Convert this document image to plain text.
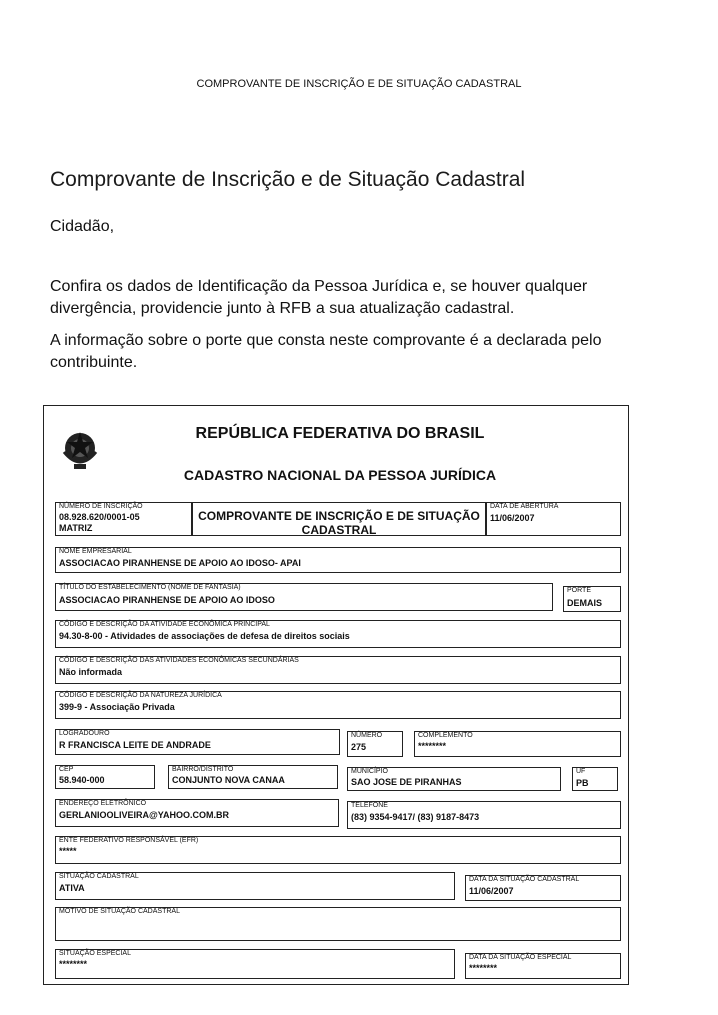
COMPROVANTE DE INSCRIÇÃO E DE SITUAÇÃO CADASTRAL
Comprovante de Inscrição e de Situação Cadastral
Cidadão,
Confira os dados de Identificação da Pessoa Jurídica e, se houver qualquer divergência, providencie junto à RFB a sua atualização cadastral.
A informação sobre o porte que consta neste comprovante é a declarada pelo contribuinte.
REPÚBLICA FEDERATIVA DO BRASIL
CADASTRO NACIONAL DA PESSOA JURÍDICA
NÚMERO DE INSCRIÇÃO
08.928.620/0001-05
MATRIZ
COMPROVANTE DE INSCRIÇÃO E DE SITUAÇÃO CADASTRAL
DATA DE ABERTURA
11/06/2007
NOME EMPRESARIAL
ASSOCIACAO PIRANHENSE DE APOIO AO IDOSO- APAI
TÍTULO DO ESTABELECIMENTO (NOME DE FANTASIA)
ASSOCIACAO PIRANHENSE DE APOIO AO IDOSO
PORTE
DEMAIS
CÓDIGO E DESCRIÇÃO DA ATIVIDADE ECONÔMICA PRINCIPAL
94.30-8-00 - Atividades de associações de defesa de direitos sociais
CÓDIGO E DESCRIÇÃO DAS ATIVIDADES ECONÔMICAS SECUNDÁRIAS
Não informada
CÓDIGO E DESCRIÇÃO DA NATUREZA JURÍDICA
399-9 - Associação Privada
LOGRADOURO
R FRANCISCA LEITE DE ANDRADE
NÚMERO
275
COMPLEMENTO
********
CEP
58.940-000
BAIRRO/DISTRITO
CONJUNTO NOVA CANAA
MUNICÍPIO
SAO JOSE DE PIRANHAS
UF
PB
ENDEREÇO ELETRÔNICO
GERLANIOOLIVEIRA@YAHOO.COM.BR
TELEFONE
(83) 9354-9417/ (83) 9187-8473
ENTE FEDERATIVO RESPONSÁVEL (EFR)
*****
SITUAÇÃO CADASTRAL
ATIVA
DATA DA SITUAÇÃO CADASTRAL
11/06/2007
MOTIVO DE SITUAÇÃO CADASTRAL
SITUAÇÃO ESPECIAL
********
DATA DA SITUAÇÃO ESPECIAL
********
